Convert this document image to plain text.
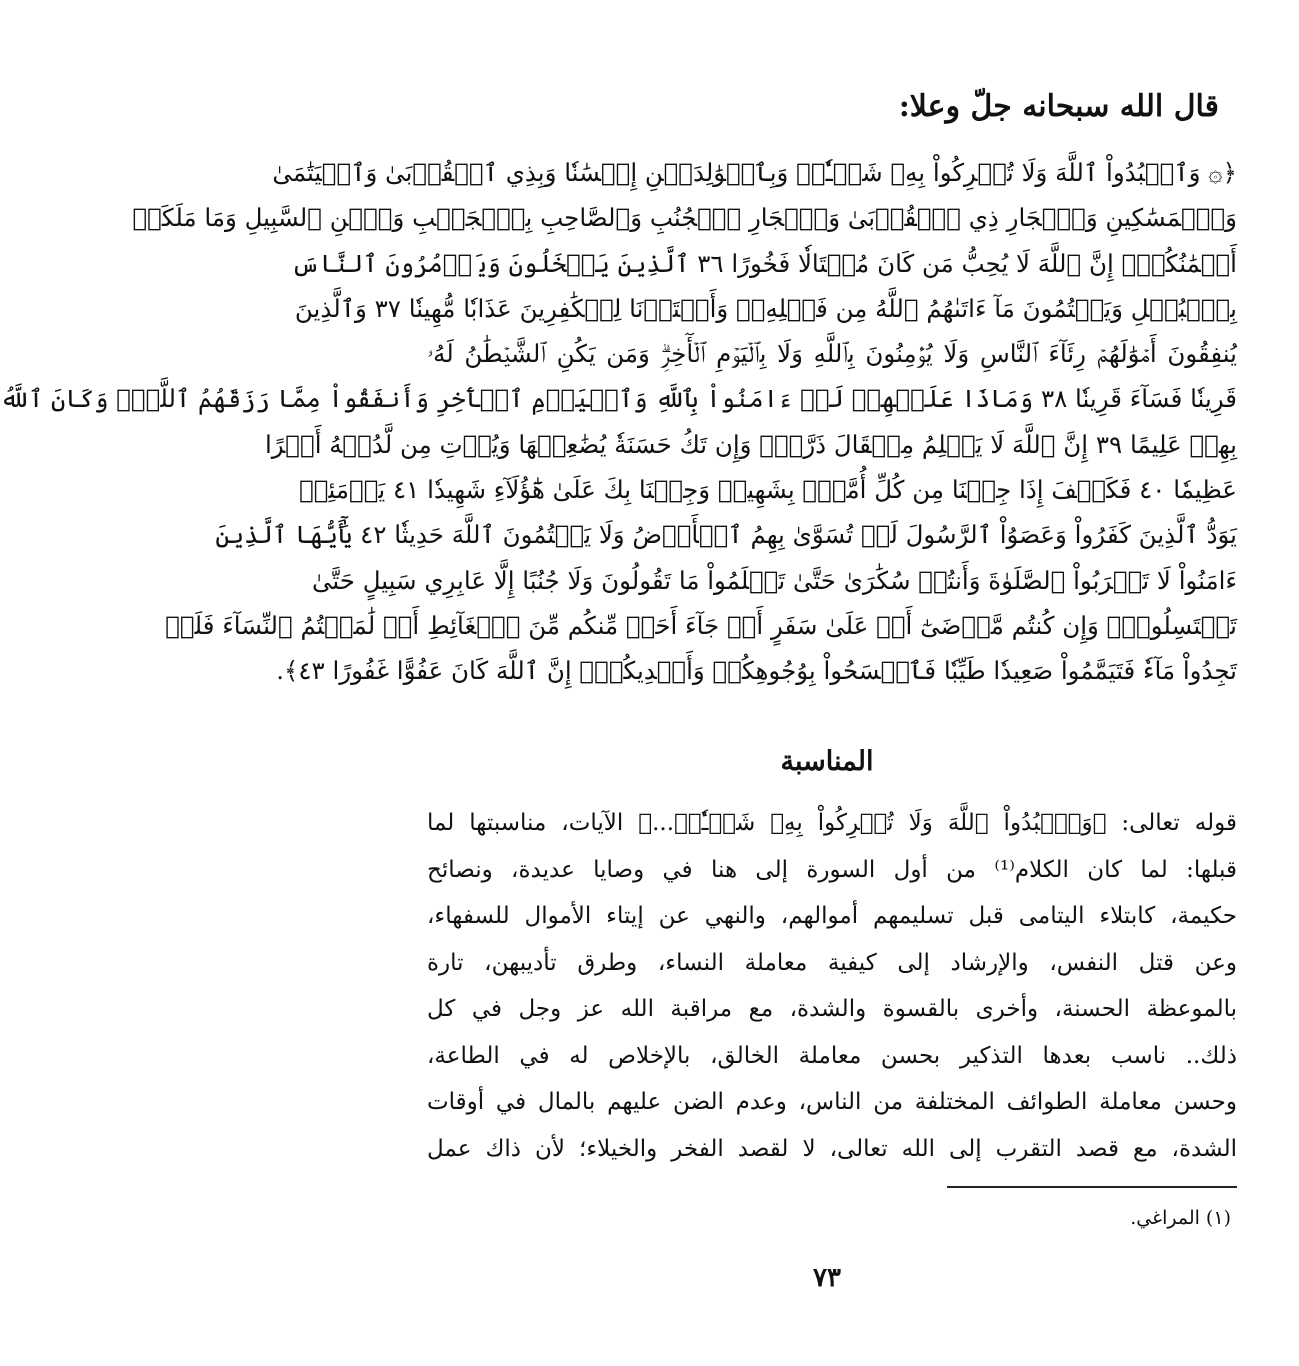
قال الله سبحانه جلّ وعلا:
﴿۞ وَٱعۡبُدُواْ ٱللَّهَ وَلَا تُشۡرِكُواْ بِهِۦ شَيۡـٔٗاۖ وَبِٱلۡوَٰلِدَيۡنِ إِحۡسَٰنٗا وَبِذِي ٱلۡقُرۡبَىٰ وَٱلۡيَتَٰمَىٰ
وَٱلۡمَسَٰكِينِ وَٱلۡجَارِ ذِي ٱلۡقُرۡبَىٰ وَٱلۡجَارِ ٱلۡجُنُبِ وَٱلصَّاحِبِ بِٱلۡجَنۢبِ وَٱبۡنِ ٱلسَّبِيلِ وَمَا مَلَكَتۡ
أَيۡمَٰنُكُمۡۗ إِنَّ ٱللَّهَ لَا يُحِبُّ مَن كَانَ مُخۡتَالٗا فَخُورًا ٣٦ ٱلَّذِينَ يَبۡخَلُونَ وَيَأۡمُرُونَ ٱلنَّاسَ
بِٱلۡبُخۡلِ وَيَكۡتُمُونَ مَآ ءَاتَىٰهُمُ ٱللَّهُ مِن فَضۡلِهِۦۗ وَأَعۡتَدۡنَا لِلۡكَٰفِرِينَ عَذَابٗا مُّهِينٗا ٣٧ وَٱلَّذِينَ
يُنفِقُونَ أَمۡوَٰلَهُمۡ رِئَآءَ ٱلنَّاسِ وَلَا يُؤۡمِنُونَ بِٱللَّهِ وَلَا بِٱلۡيَوۡمِ ٱلۡأٓخِرِۗ وَمَن يَكُنِ ٱلشَّيۡطَٰنُ لَهُۥ
قَرِينٗا فَسَآءَ قَرِينٗا ٣٨ وَمَاذَا عَلَيۡهِمۡ لَوۡ ءَامَنُواْ بِٱللَّهِ وَٱلۡيَوۡمِ ٱلۡأٓخِرِ وَأَنفَقُواْ مِمَّا رَزَقَهُمُ ٱللَّهُۚ وَكَانَ ٱللَّهُ
بِهِمۡ عَلِيمًا ٣٩ إِنَّ ٱللَّهَ لَا يَظۡلِمُ مِثۡقَالَ ذَرَّةٖۖ وَإِن تَكُ حَسَنَةٗ يُضَٰعِفۡهَا وَيُؤۡتِ مِن لَّدُنۡهُ أَجۡرًا
عَظِيمٗا ٤٠ فَكَيۡفَ إِذَا جِئۡنَا مِن كُلِّ أُمَّةِۭ بِشَهِيدٖ وَجِئۡنَا بِكَ عَلَىٰ هَٰٓؤُلَآءِ شَهِيدٗا ٤١ يَوۡمَئِذٖ
يَوَدُّ ٱلَّذِينَ كَفَرُواْ وَعَصَوُاْ ٱلرَّسُولَ لَوۡ تُسَوَّىٰ بِهِمُ ٱلۡأَرۡضُ وَلَا يَكۡتُمُونَ ٱللَّهَ حَدِيثٗا ٤٢ يَٰٓأَيُّهَا ٱلَّذِينَ
ءَامَنُواْ لَا تَقۡرَبُواْ ٱلصَّلَوٰةَ وَأَنتُمۡ سُكَٰرَىٰ حَتَّىٰ تَعۡلَمُواْ مَا تَقُولُونَ وَلَا جُنُبًا إِلَّا عَابِرِي سَبِيلٍ حَتَّىٰ
تَغۡتَسِلُواْۚ وَإِن كُنتُم مَّرۡضَىٰٓ أَوۡ عَلَىٰ سَفَرٍ أَوۡ جَآءَ أَحَدٞ مِّنكُم مِّنَ ٱلۡغَآئِطِ أَوۡ لَٰمَسۡتُمُ ٱلنِّسَآءَ فَلَمۡ
تَجِدُواْ مَآءٗ فَتَيَمَّمُواْ صَعِيدٗا طَيِّبٗا فَٱمۡسَحُواْ بِوُجُوهِكُمۡ وَأَيۡدِيكُمۡۗ إِنَّ ٱللَّهَ كَانَ عَفُوًّا غَفُورًا ٤٣﴾.
المناسبة
قوله تعالى: ﴿وَٱعۡبُدُواْ ٱللَّهَ وَلَا تُشۡرِكُواْ بِهِۦ شَيۡـٔٗاۖ...﴾ الآيات، مناسبتها لما
قبلها: لما كان الكلام⁽¹⁾ من أول السورة إلى هنا في وصايا عديدة، ونصائح
حكيمة، كابتلاء اليتامى قبل تسليمهم أموالهم، والنهي عن إيتاء الأموال للسفهاء،
وعن قتل النفس، والإرشاد إلى كيفية معاملة النساء، وطرق تأديبهن، تارة
بالموعظة الحسنة، وأخرى بالقسوة والشدة، مع مراقبة الله عز وجل في كل
ذلك.. ناسب بعدها التذكير بحسن معاملة الخالق، بالإخلاص له في الطاعة،
وحسن معاملة الطوائف المختلفة من الناس، وعدم الضن عليهم بالمال في أوقات
الشدة، مع قصد التقرب إلى الله تعالى، لا لقصد الفخر والخيلاء؛ لأن ذاك عمل
(١) المراغي.
٧٣
